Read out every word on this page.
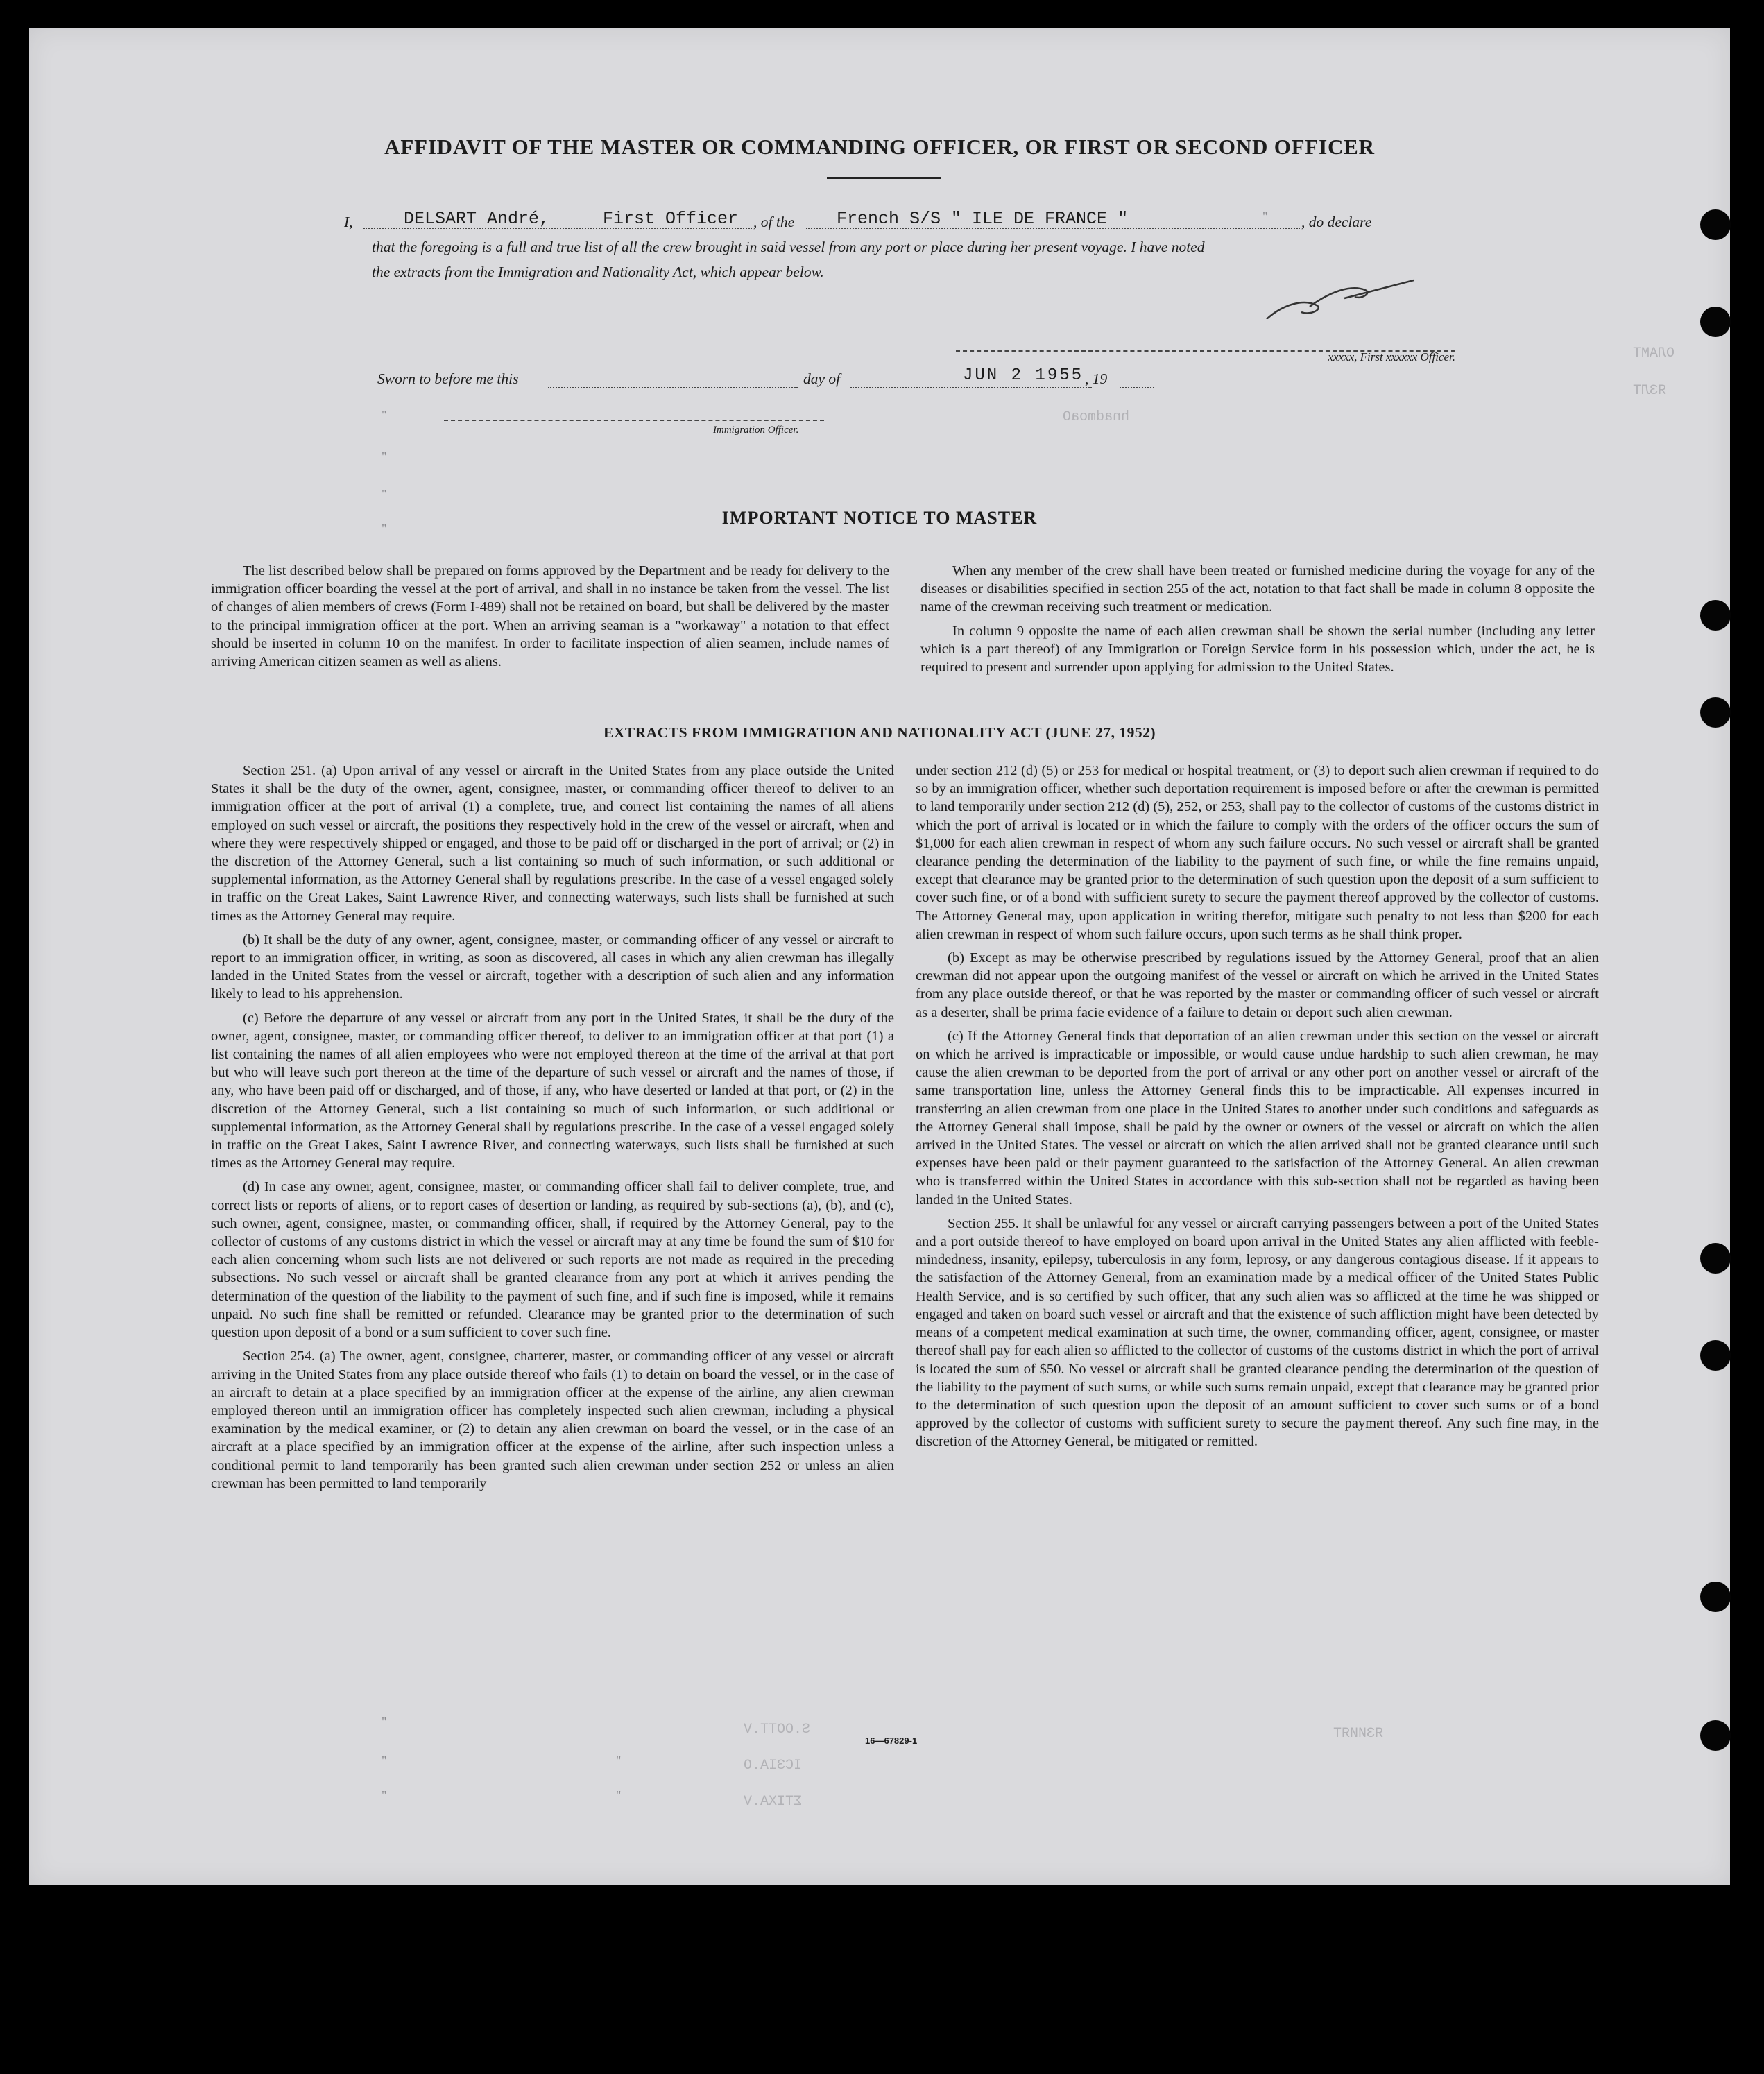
"
"
"
"
"
"
"
"
"
"
ОЛАМТ
ЯЗЛТ
hnadmoaO
ЯЗИИЯТ
S.OOTТ.V
ICЗIA.O
ΣTIXA.V
AFFIDAVIT OF THE MASTER OR COMMANDING OFFICER, OR FIRST OR SECOND OFFICER
I,	DELSART André,	First Officer , of the French S/S " ILE DE FRANCE "	, do declare
that the foregoing is a full and true list of all the crew brought in said vessel from any port or place during her present voyage. I have noted
the extracts from the Immigration and Nationality Act, which appear below.
xxxxx, First xxxxxx Officer.
Sworn to before me this	day of	JUN 2 1955 , 19
Immigration Officer.
IMPORTANT NOTICE TO MASTER

The list described below shall be prepared on forms approved by the Department and be ready for delivery to the immigration officer boarding the vessel at the port of arrival, and shall in no instance be taken from the vessel. The list of changes of alien members of crews (Form I-489) shall not be retained on board, but shall be delivered by the master to the principal immigration officer at the port. When an arriving seaman is a "workaway" a notation to that effect should be inserted in column 10 on the manifest. In order to facilitate inspection of alien seamen, include names of arriving American citizen seamen as well as aliens.

When any member of the crew shall have been treated or furnished medicine during the voyage for any of the diseases or disabilities specified in section 255 of the act, notation to that fact shall be made in column 8 opposite the name of the crewman receiving such treatment or medication.

In column 9 opposite the name of each alien crewman shall be shown the serial number (including any letter which is a part thereof) of any Immigration or Foreign Service form in his possession which, under the act, he is required to present and surrender upon applying for admission to the United States.

EXTRACTS FROM IMMIGRATION AND NATIONALITY ACT (JUNE 27, 1952)

Section 251. (a) Upon arrival of any vessel or aircraft in the United States from any place outside the United States it shall be the duty of the owner, agent, consignee, master, or commanding officer thereof to deliver to an immigration officer at the port of arrival (1) a complete, true, and correct list containing the names of all aliens employed on such vessel or aircraft, the positions they respectively hold in the crew of the vessel or aircraft, when and where they were respectively shipped or engaged, and those to be paid off or discharged in the port of arrival; or (2) in the discretion of the Attorney General, such a list containing so much of such information, or such additional or supplemental information, as the Attorney General shall by regulations prescribe. In the case of a vessel engaged solely in traffic on the Great Lakes, Saint Lawrence River, and connecting waterways, such lists shall be furnished at such times as the Attorney General may require.

(b) It shall be the duty of any owner, agent, consignee, master, or commanding officer of any vessel or aircraft to report to an immigration officer, in writing, as soon as discovered, all cases in which any alien crewman has illegally landed in the United States from the vessel or aircraft, together with a description of such alien and any information likely to lead to his apprehension.

(c) Before the departure of any vessel or aircraft from any port in the United States, it shall be the duty of the owner, agent, consignee, master, or commanding officer thereof, to deliver to an immigration officer at that port (1) a list containing the names of all alien employees who were not employed thereon at the time of the arrival at that port but who will leave such port thereon at the time of the departure of such vessel or aircraft and the names of those, if any, who have been paid off or discharged, and of those, if any, who have deserted or landed at that port, or (2) in the discretion of the Attorney General, such a list containing so much of such information, or such additional or supplemental information, as the Attorney General shall by regulations prescribe. In the case of a vessel engaged solely in traffic on the Great Lakes, Saint Lawrence River, and connecting waterways, such lists shall be furnished at such times as the Attorney General may require.

(d) In case any owner, agent, consignee, master, or commanding officer shall fail to deliver complete, true, and correct lists or reports of aliens, or to report cases of desertion or landing, as required by sub-sections (a), (b), and (c), such owner, agent, consignee, master, or commanding officer, shall, if required by the Attorney General, pay to the collector of customs of any customs district in which the vessel or aircraft may at any time be found the sum of $10 for each alien concerning whom such lists are not delivered or such reports are not made as required in the preceding subsections. No such vessel or aircraft shall be granted clearance from any port at which it arrives pending the determination of the question of the liability to the payment of such fine, and if such fine is imposed, while it remains unpaid. No such fine shall be remitted or refunded. Clearance may be granted prior to the determination of such question upon deposit of a bond or a sum sufficient to cover such fine.

Section 254. (a) The owner, agent, consignee, charterer, master, or commanding officer of any vessel or aircraft arriving in the United States from any place outside thereof who fails (1) to detain on board the vessel, or in the case of an aircraft to detain at a place specified by an immigration officer at the expense of the airline, any alien crewman employed thereon until an immigration officer has completely inspected such alien crewman, including a physical examination by the medical examiner, or (2) to detain any alien crewman on board the vessel, or in the case of an aircraft at a place specified by an immigration officer at the expense of the airline, after such inspection unless a conditional permit to land temporarily has been granted such alien crewman under section 252 or unless an alien crewman has been permitted to land temporarily

under section 212 (d) (5) or 253 for medical or hospital treatment, or (3) to deport such alien crewman if required to do so by an immigration officer, whether such deportation requirement is imposed before or after the crewman is permitted to land temporarily under section 212 (d) (5), 252, or 253, shall pay to the collector of customs of the customs district in which the port of arrival is located or in which the failure to comply with the orders of the officer occurs the sum of $1,000 for each alien crewman in respect of whom any such failure occurs. No such vessel or aircraft shall be granted clearance pending the determination of the liability to the payment of such fine, or while the fine remains unpaid, except that clearance may be granted prior to the determination of such question upon the deposit of a sum sufficient to cover such fine, or of a bond with sufficient surety to secure the payment thereof approved by the collector of customs. The Attorney General may, upon application in writing therefor, mitigate such penalty to not less than $200 for each alien crewman in respect of whom such failure occurs, upon such terms as he shall think proper.

(b) Except as may be otherwise prescribed by regulations issued by the Attorney General, proof that an alien crewman did not appear upon the outgoing manifest of the vessel or aircraft on which he arrived in the United States from any place outside thereof, or that he was reported by the master or commanding officer of such vessel or aircraft as a deserter, shall be prima facie evidence of a failure to detain or deport such alien crewman.

(c) If the Attorney General finds that deportation of an alien crewman under this section on the vessel or aircraft on which he arrived is impracticable or impossible, or would cause undue hardship to such alien crewman, he may cause the alien crewman to be deported from the port of arrival or any other port on another vessel or aircraft of the same transportation line, unless the Attorney General finds this to be impracticable. All expenses incurred in transferring an alien crewman from one place in the United States to another under such conditions and safeguards as the Attorney General shall impose, shall be paid by the owner or owners of the vessel or aircraft on which the alien arrived in the United States. The vessel or aircraft on which the alien arrived shall not be granted clearance until such expenses have been paid or their payment guaranteed to the satisfaction of the Attorney General. An alien crewman who is transferred within the United States in accordance with this sub-section shall not be regarded as having been landed in the United States.

Section 255. It shall be unlawful for any vessel or aircraft carrying passengers between a port of the United States and a port outside thereof to have employed on board upon arrival in the United States any alien afflicted with feeble-mindedness, insanity, epilepsy, tuberculosis in any form, leprosy, or any dangerous contagious disease. If it appears to the satisfaction of the Attorney General, from an examination made by a medical officer of the United States Public Health Service, and is so certified by such officer, that any such alien was so afflicted at the time he was shipped or engaged and taken on board such vessel or aircraft and that the existence of such affliction might have been detected by means of a competent medical examination at such time, the owner, commanding officer, agent, consignee, or master thereof shall pay for each alien so afflicted to the collector of customs of the customs district in which the port of arrival is located the sum of $50. No vessel or aircraft shall be granted clearance pending the determination of the question of the liability to the payment of such sums, or while such sums remain unpaid, except that clearance may be granted prior to the determination of such question upon the deposit of an amount sufficient to cover such sums or of a bond approved by the collector of customs with sufficient surety to secure the payment thereof. Any such fine may, in the discretion of the Attorney General, be mitigated or remitted.

16—67829-1
